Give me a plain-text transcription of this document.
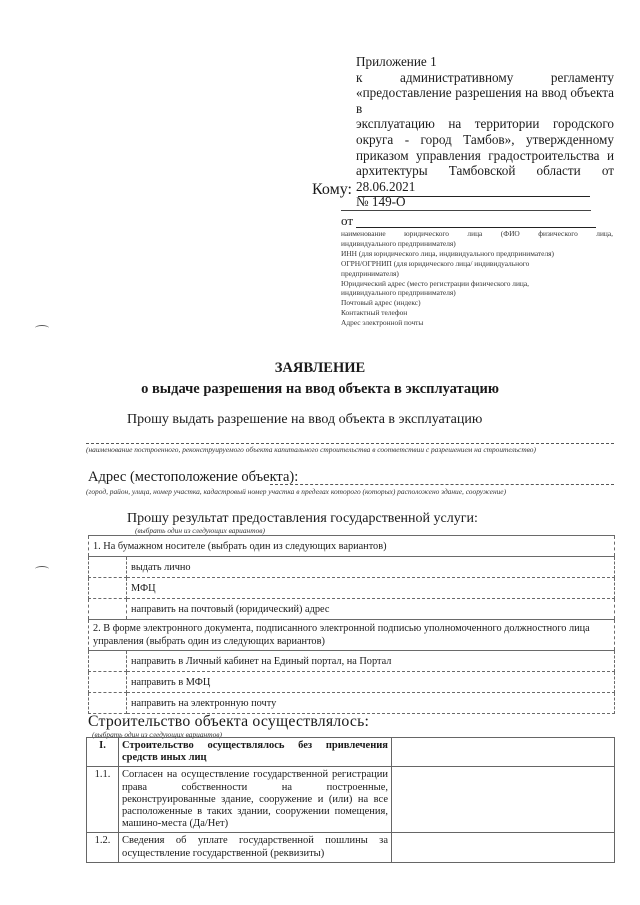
Приложение 1
к административному регламенту
«предоставление разрешения на ввод объекта в
эксплуатацию на территории городского
округа - город Тамбов», утвержденному
приказом управления градостроительства и
архитектуры Тамбовской области от 28.06.2021
№ 149-О
Кому:
от
наименование юридического лица (ФИО физического лица,
индивидуального предпринимателя)
ИНН (для юридического лица, индивидуального предпринимателя)
ОГРН/ОГРНИП (для юридического лица/ индивидуального
предпринимателя)
Юридический адрес (место регистрации физического лица,
индивидуального предпринимателя)
Почтовый адрес (индекс)
Контактный телефон
Адрес электронной почты
ЗАЯВЛЕНИЕ
о выдаче разрешения на ввод объекта в эксплуатацию
Прошу выдать разрешение на ввод объекта в эксплуатацию
(наименование построенного, реконструируемого объекта капитального строительства в соответствии с разрешением на строительство)
Адрес (местоположение объекта):
(город, район, улица, номер участка, кадастровый номер участка в пределах которого (которых) расположено здание, сооружение)
Прошу результат предоставления государственной услуги:
(выбрать один из следующих вариантов)
1. На бумажном носителе (выбрать один из следующих вариантов)	
	выдать лично
	МФЦ
	направить на почтовый (юридический) адрес
2. В форме электронного документа, подписанного электронной подписью уполномоченного должностного лица управления (выбрать один из следующих вариантов)	
	направить в Личный кабинет на Единый портал, на Портал
	направить в МФЦ
	направить на электронную почту
Строительство объекта осуществлялось:
(выбрать один из следующих вариантов)
I.	Строительство осуществлялось без привлечения средств иных лиц	
1.1.	Согласен на осуществление государственной регистрации права собственности на построенные, реконструированные здание, сооружение и (или) на все расположенные в таких здании, сооружении помещения, машино-места (Да/Нет)	
1.2.	Сведения об уплате государственной пошлины за осуществление государственной (реквизиты)	
